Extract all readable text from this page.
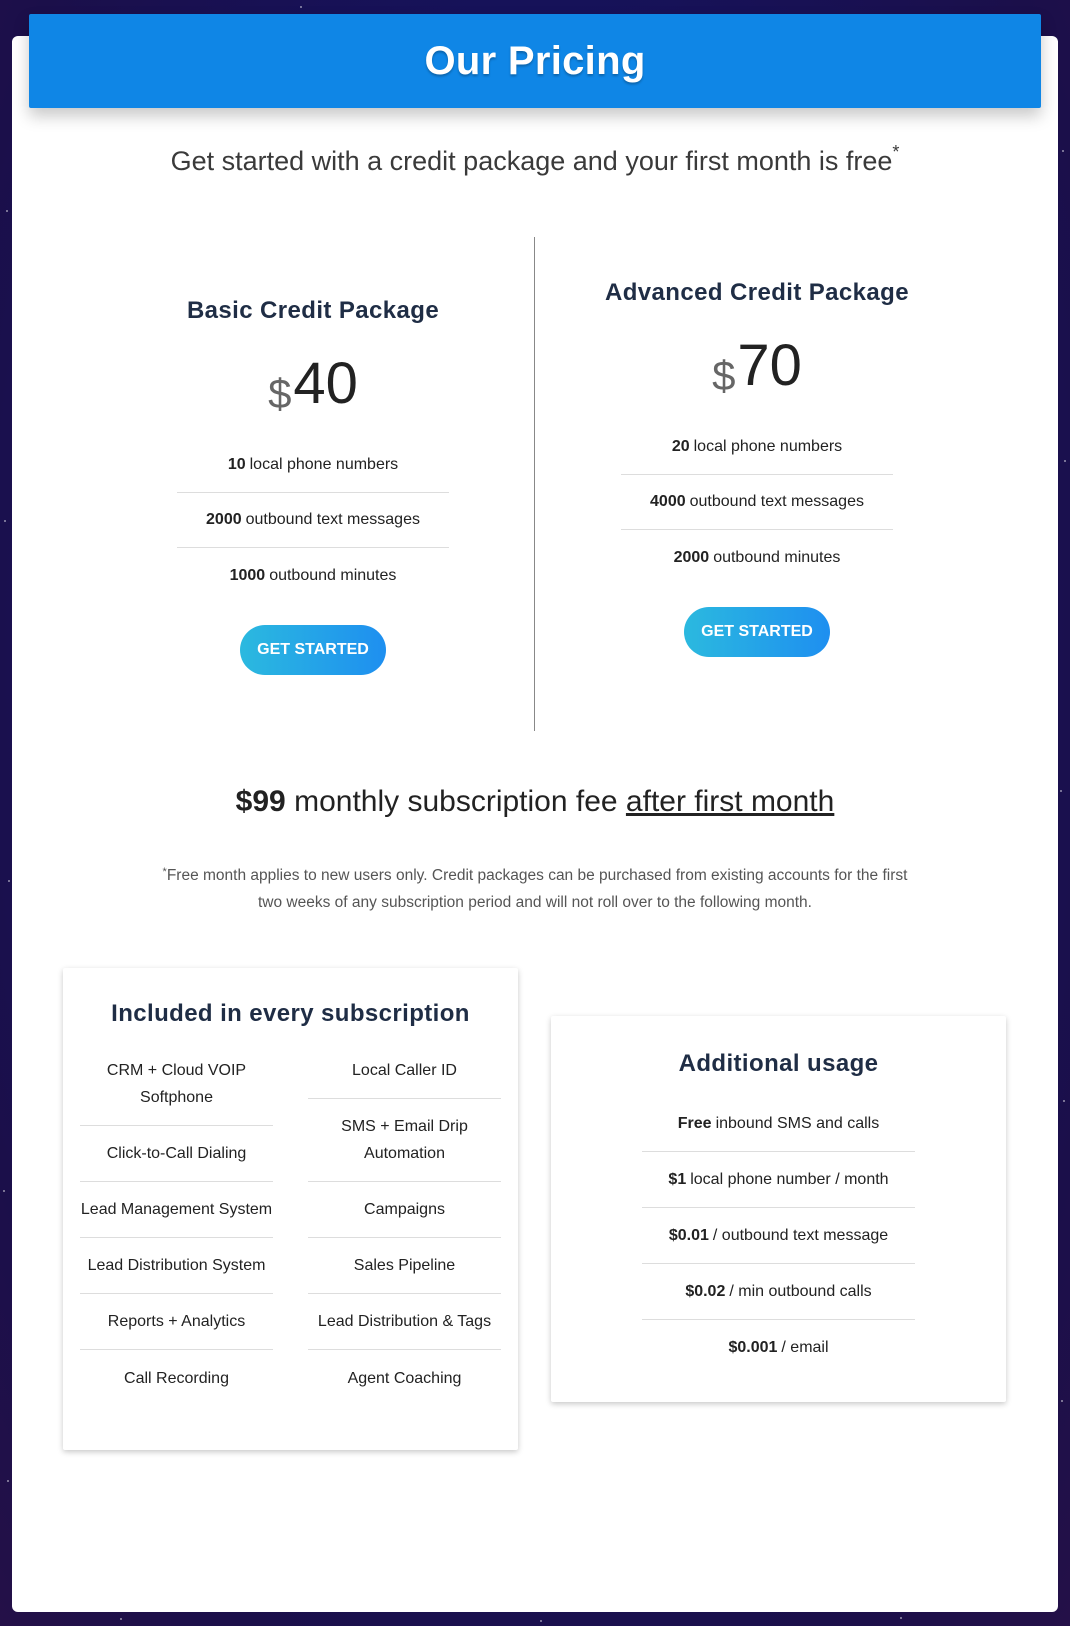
Our Pricing
Get started with a credit package and your first month is free*
Basic Credit Package
$40
10 local phone numbers
2000 outbound text messages
1000 outbound minutes
GET STARTED
Advanced Credit Package
$70
20 local phone numbers
4000 outbound text messages
2000 outbound minutes
GET STARTED
$99 monthly subscription fee after first month
*Free month applies to new users only. Credit packages can be purchased from existing accounts for the first two weeks of any subscription period and will not roll over to the following month.
Included in every subscription
CRM + Cloud VOIP Softphone
Click-to-Call Dialing
Lead Management System
Lead Distribution System
Reports + Analytics
Call Recording
Local Caller ID
SMS + Email Drip Automation
Campaigns
Sales Pipeline
Lead Distribution & Tags
Agent Coaching
Additional usage
Free inbound SMS and calls
$1 local phone number / month
$0.01 / outbound text message
$0.02 / min outbound calls
$0.001 / email
